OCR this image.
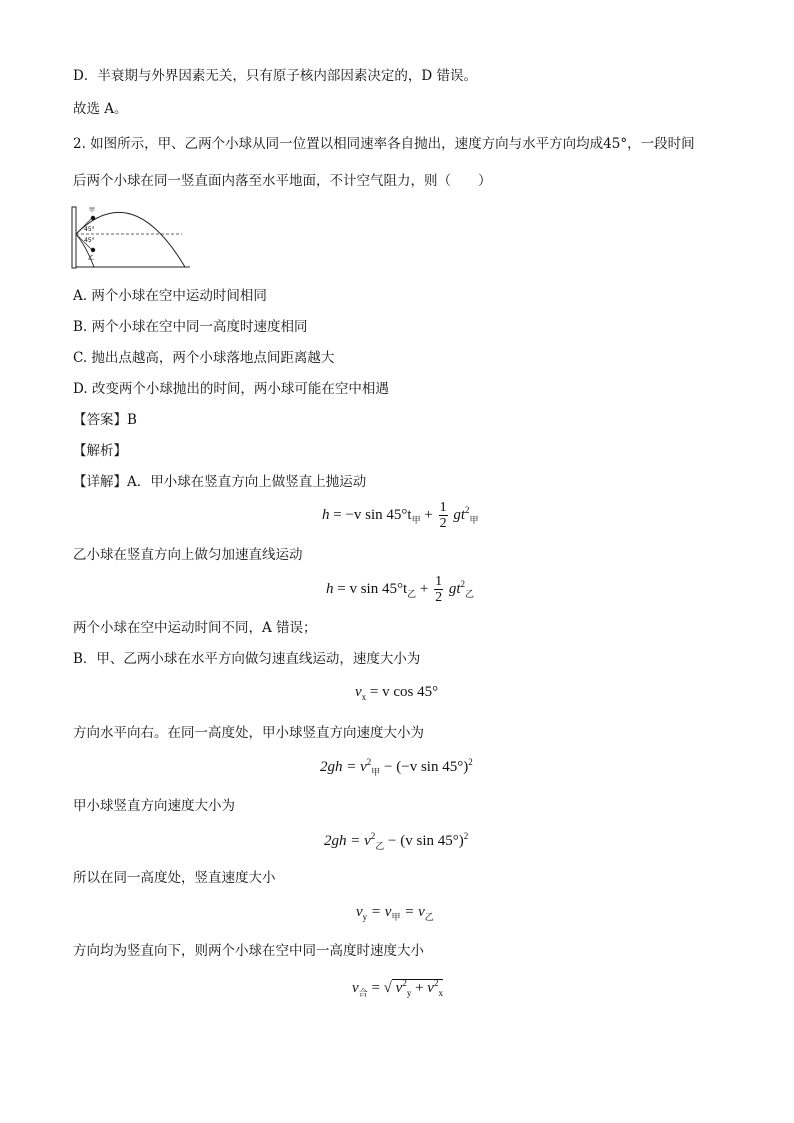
D．半衰期与外界因素无关，只有原子核内部因素决定的，D 错误。
故选 A。
2. 如图所示，甲、乙两个小球从同一位置以相同速率各自抛出，速度方向与水平方向均成45°，一段时间
后两个小球在同一竖直面内落至水平地面，不计空气阻力，则（　　）
甲
乙
45°
45°
A. 两个小球在空中运动时间相同
B. 两个小球在空中同一高度时速度相同
C. 抛出点越高，两个小球落地点间距离越大
D. 改变两个小球抛出的时间，两小球可能在空中相遇
【答案】B
【解析】
【详解】A．甲小球在竖直方向上做竖直上抛运动
h = −v $\sin 45^\circ t_甲 + \frac{1}{2} gt^2_甲$
乙小球在竖直方向上做匀加速直线运动
h = v $\sin 45^\circ t_乙 + \frac{1}{2} gt^2_乙$
两个小球在空中运动时间不同，A 错误；
B．甲、乙两小球在水平方向做匀速直线运动，速度大小为
$v_x = v$ cos 45°
方向水平向右。在同一高度处，甲小球竖直方向速度大小为
$2gh = v^2_甲 - (-v$ sin 45°)$^2$
甲小球竖直方向速度大小为
$2gh = v^2_乙 - (v$ sin 45°)$^2$
所以在同一高度处，竖直速度大小
$v_y = v_甲 = v_乙$
方向均为竖直向下，则两个小球在空中同一高度时速度大小
$v_合$ = √ $v^2_y + v^2_x$
